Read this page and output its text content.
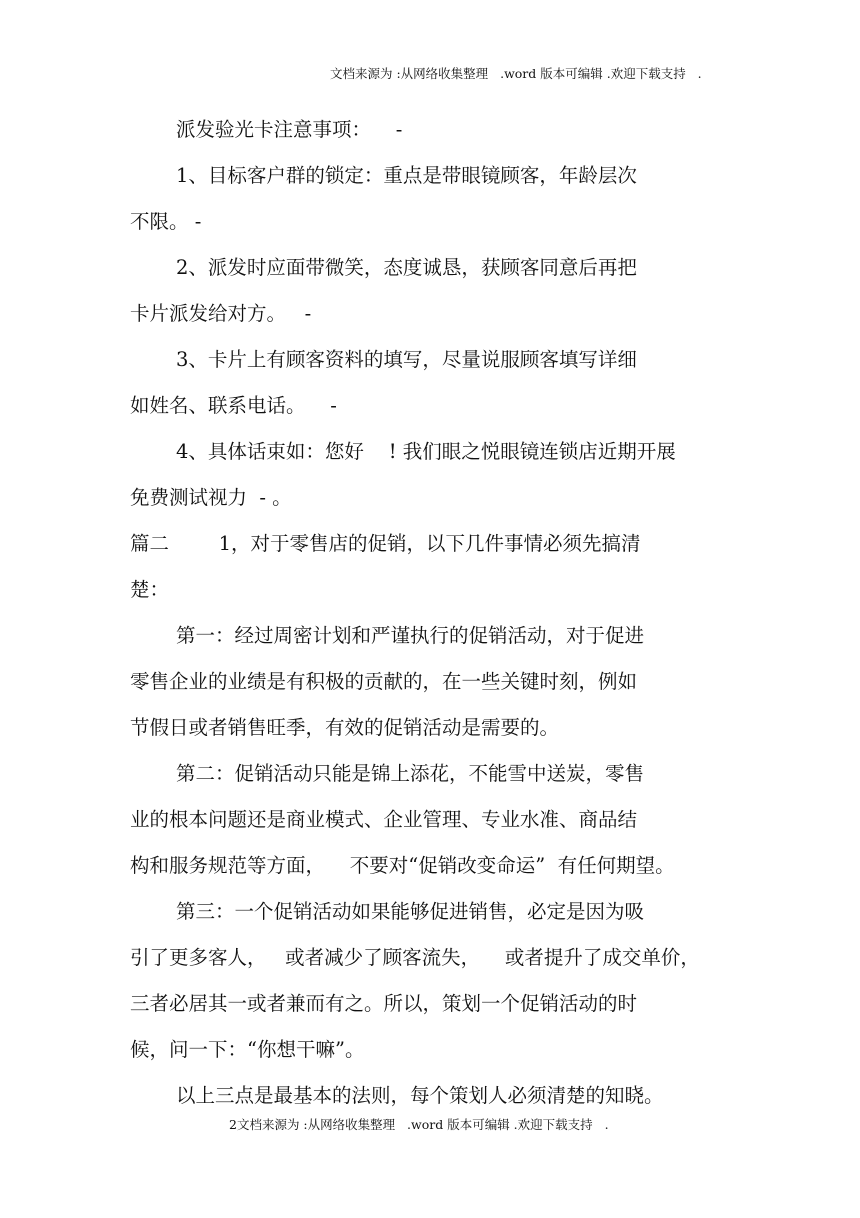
文档来源为 :从网络收集整理   .word 版本可编辑 .欢迎下载支持   .
派发验光卡注意事项：    -
1、目标客户群的锁定：重点是带眼镜顾客，年龄层次
不限。 -
2、派发时应面带微笑，态度诚恳，获顾客同意后再把
卡片派发给对方。   -
3、卡片上有顾客资料的填写，尽量说服顾客填写详细
如姓名、联系电话。    -
4、具体话束如：您好    ! 我们眼之悦眼镜连锁店近期开展
免费测试视力  - 。
篇二        1，对于零售店的促销，以下几件事情必须先搞清
楚：
第一：经过周密计划和严谨执行的促销活动，对于促进
零售企业的业绩是有积极的贡献的，在一些关键时刻，例如
节假日或者销售旺季，有效的促销活动是需要的。
第二：促销活动只能是锦上添花，不能雪中送炭，零售
业的根本问题还是商业模式、企业管理、专业水准、商品结
构和服务规范等方面，    不要对“促销改变命运”  有任何期望。
第三：一个促销活动如果能够促进销售，必定是因为吸
引了更多客人，   或者减少了顾客流失，    或者提升了成交单价，
三者必居其一或者兼而有之。所以，策划一个促销活动的时
候，问一下：“你想干嘛”。
以上三点是最基本的法则，每个策划人必须清楚的知晓。
2文档来源为 :从网络收集整理   .word 版本可编辑 .欢迎下载支持   .
